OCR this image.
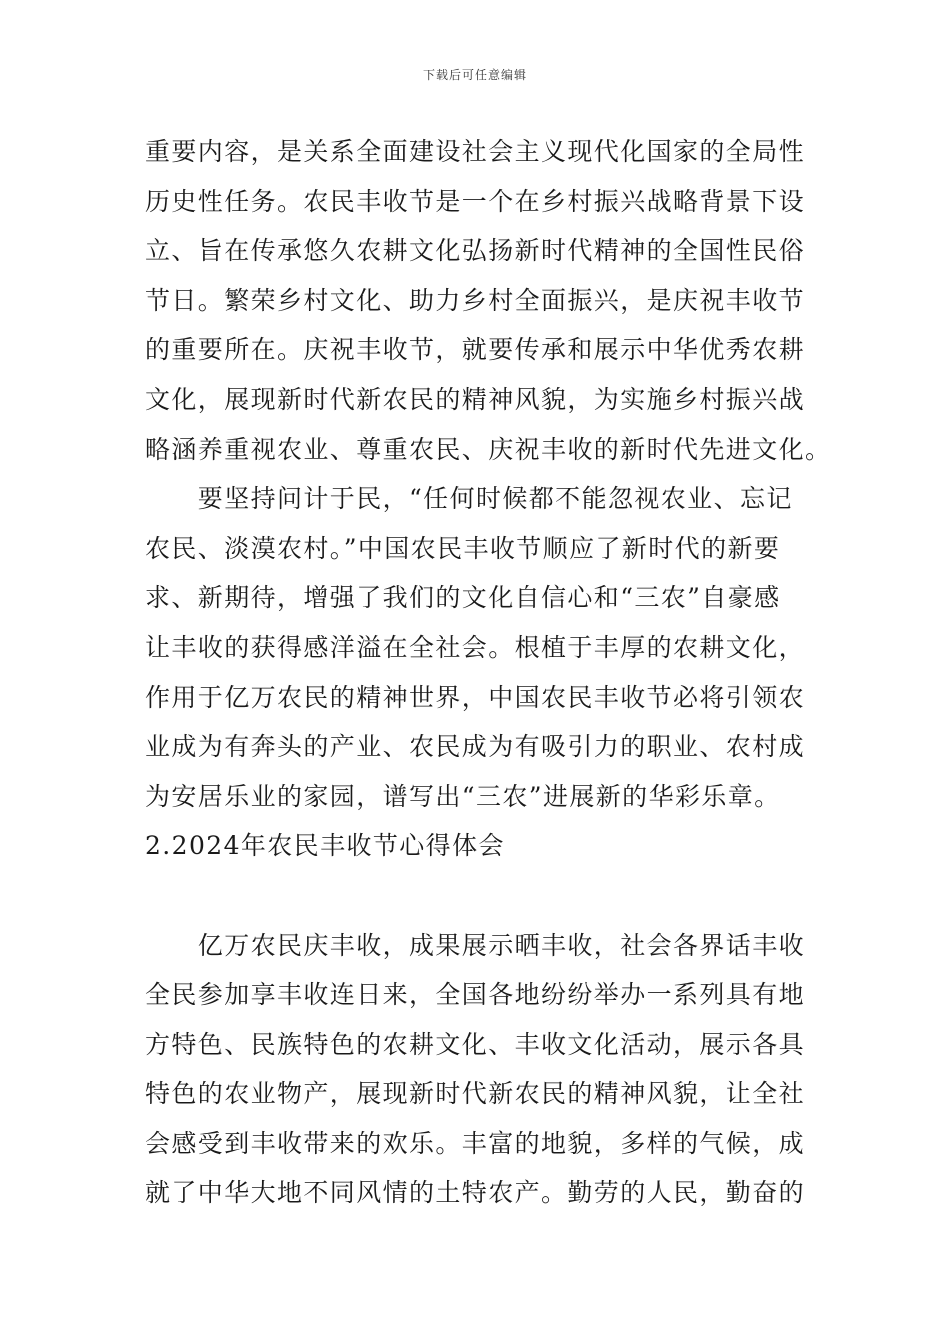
下载后可任意编辑
重要内容，是关系全面建设社会主义现代化国家的全局性
历史性任务。农民丰收节是一个在乡村振兴战略背景下设
立、旨在传承悠久农耕文化弘扬新时代精神的全国性民俗
节日。繁荣乡村文化、助力乡村全面振兴，是庆祝丰收节
的重要所在。庆祝丰收节，就要传承和展示中华优秀农耕
文化，展现新时代新农民的精神风貌，为实施乡村振兴战
略涵养重视农业、尊重农民、庆祝丰收的新时代先进文化。
　　要坚持问计于民，“任何时候都不能忽视农业、忘记
农民、淡漠农村。”中国农民丰收节顺应了新时代的新要
求、新期待，增强了我们的文化自信心和“三农”自豪感
让丰收的获得感洋溢在全社会。根植于丰厚的农耕文化，
作用于亿万农民的精神世界，中国农民丰收节必将引领农
业成为有奔头的产业、农民成为有吸引力的职业、农村成
为安居乐业的家园，谱写出“三农”进展新的华彩乐章。
2.2024年农民丰收节心得体会
　　亿万农民庆丰收，成果展示晒丰收，社会各界话丰收
全民参加享丰收连日来，全国各地纷纷举办一系列具有地
方特色、民族特色的农耕文化、丰收文化活动，展示各具
特色的农业物产，展现新时代新农民的精神风貌，让全社
会感受到丰收带来的欢乐。丰富的地貌，多样的气候，成
就了中华大地不同风情的土特农产。勤劳的人民，勤奋的
